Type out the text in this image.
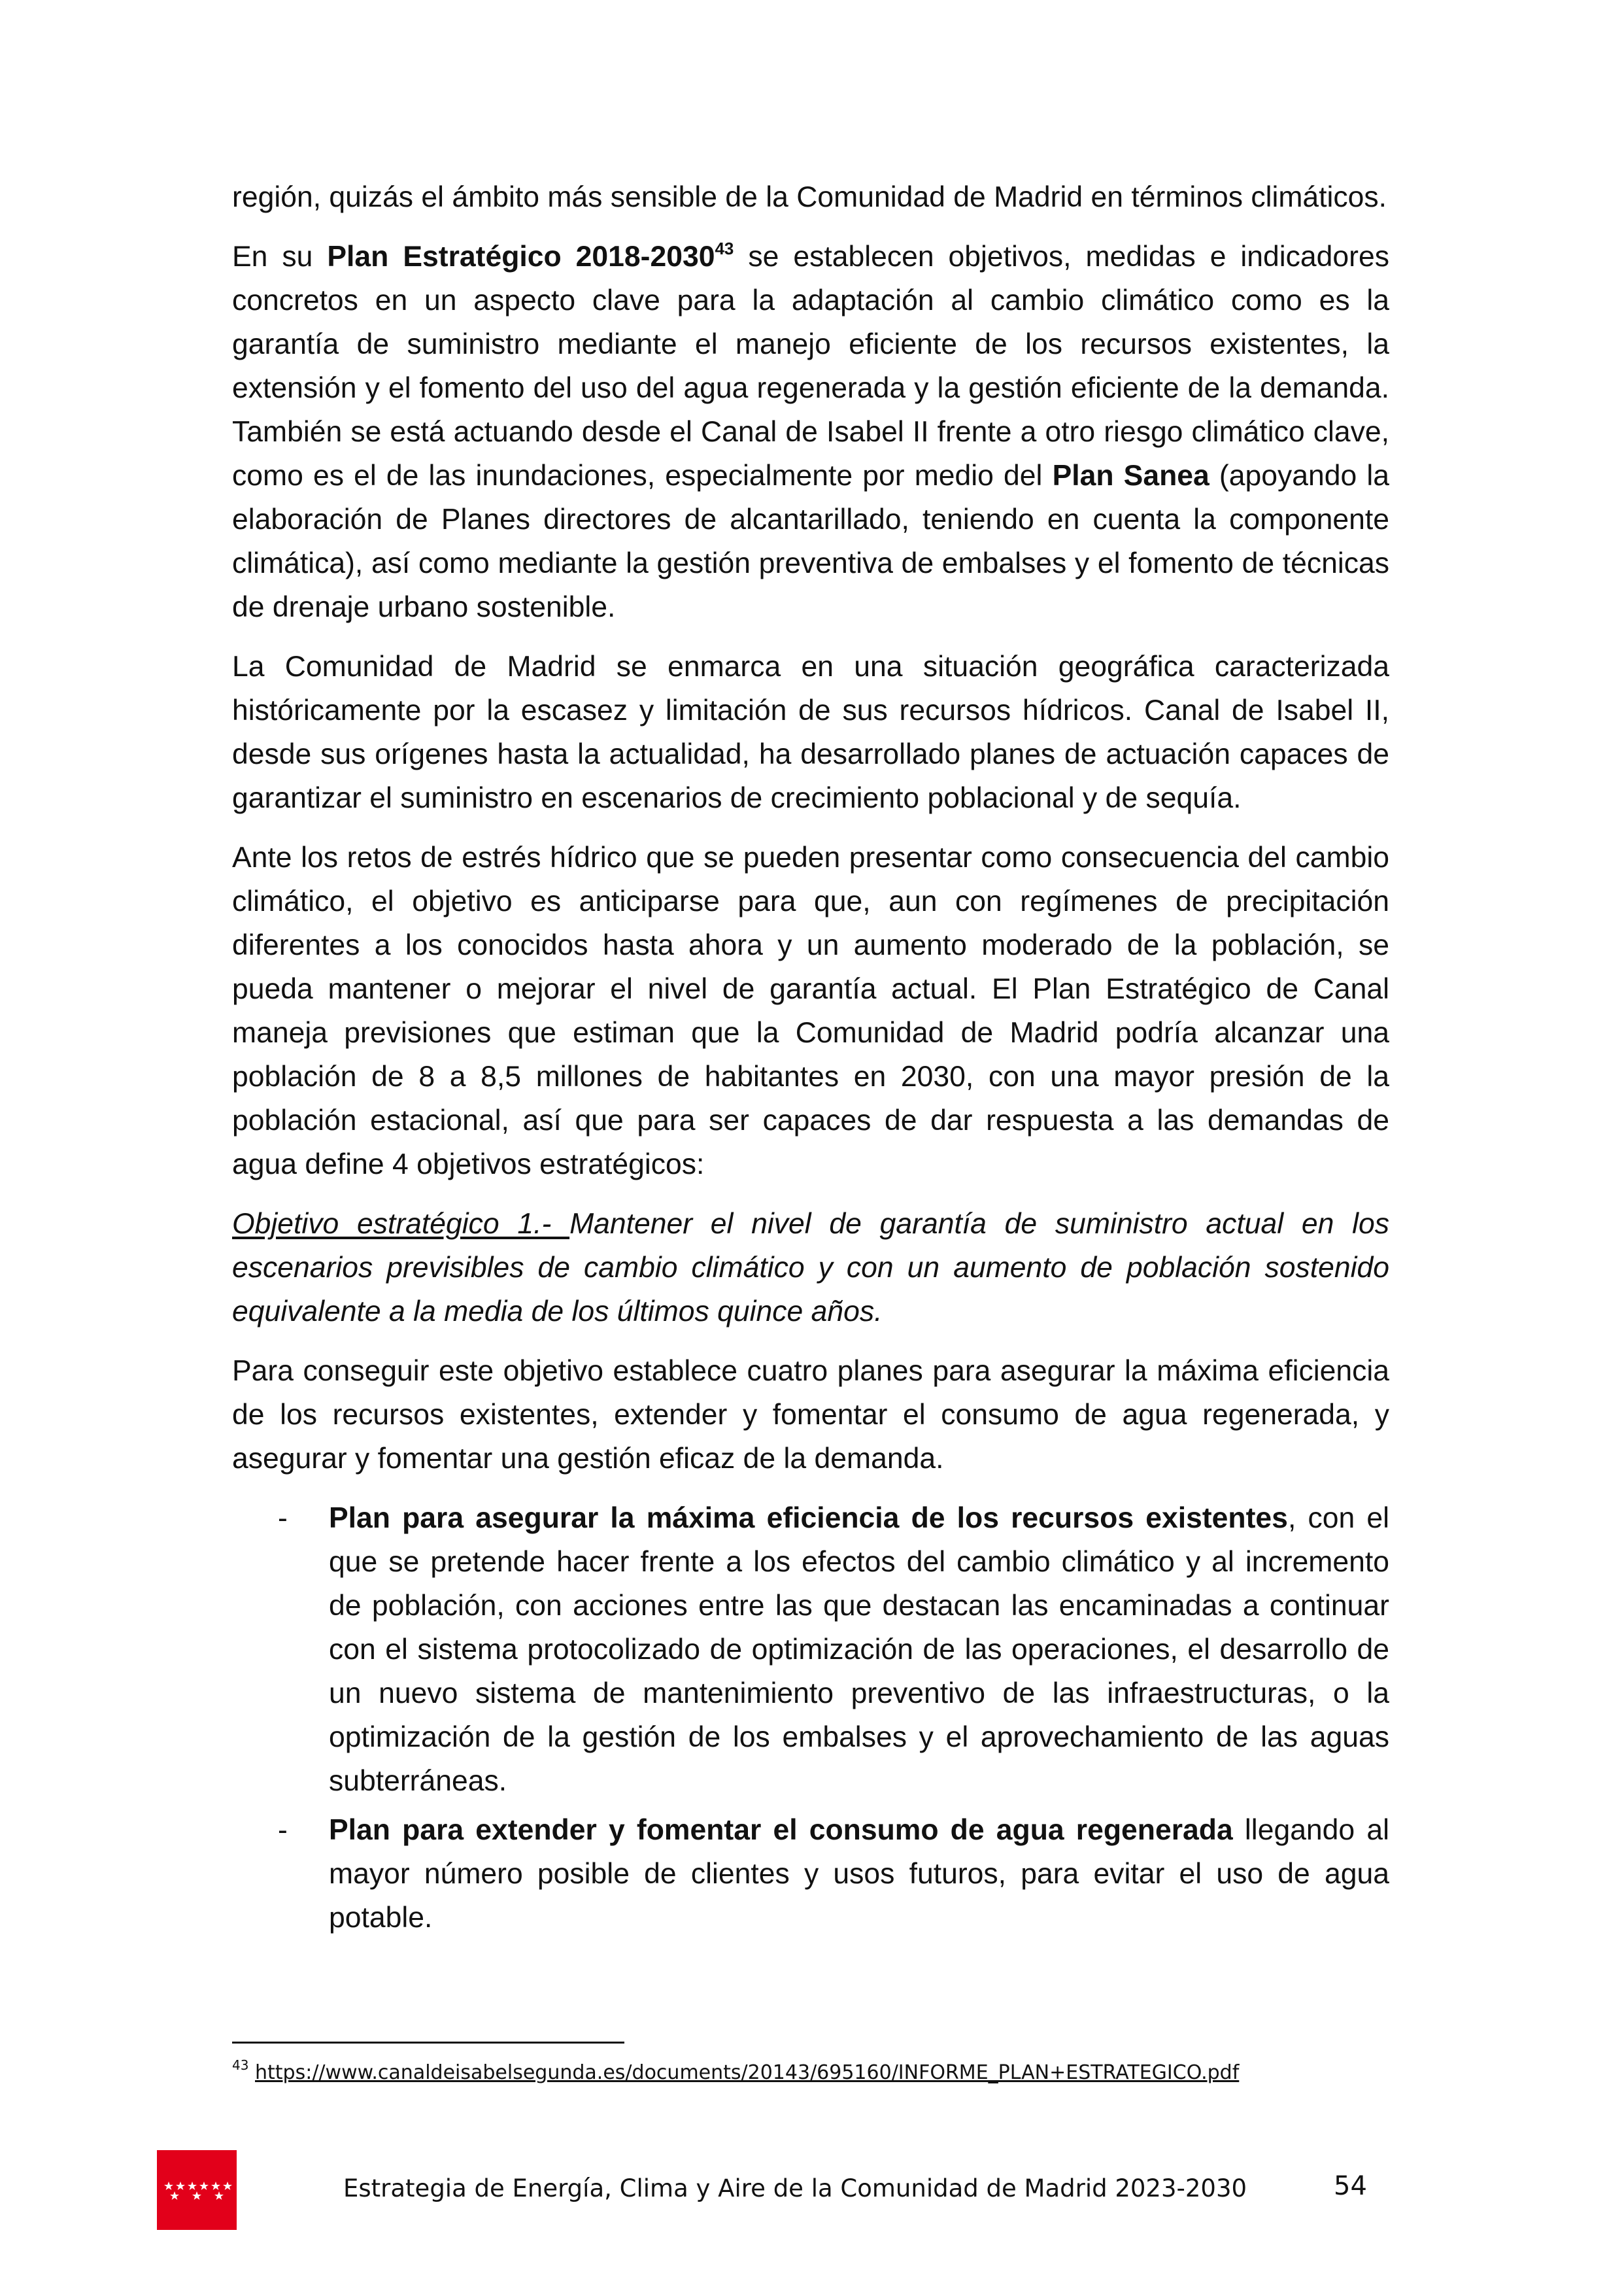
región, quizás el ámbito más sensible de la Comunidad de Madrid en términos climáticos.

En su Plan Estratégico 2018-2030$^{43}$ se establecen objetivos, medidas e indicadores concretos en un aspecto clave para la adaptación al cambio climático como es la garantía de suministro mediante el manejo eficiente de los recursos existentes, la extensión y el fomento del uso del agua regenerada y la gestión eficiente de la demanda. También se está actuando desde el Canal de Isabel II frente a otro riesgo climático clave, como es el de las inundaciones, especialmente por medio del Plan Sanea (apoyando la elaboración de Planes directores de alcantarillado, teniendo en cuenta la componente climática), así como mediante la gestión preventiva de embalses y el fomento de técnicas de drenaje urbano sostenible.

La Comunidad de Madrid se enmarca en una situación geográfica caracterizada históricamente por la escasez y limitación de sus recursos hídricos. Canal de Isabel II, desde sus orígenes hasta la actualidad, ha desarrollado planes de actuación capaces de garantizar el suministro en escenarios de crecimiento poblacional y de sequía.

Ante los retos de estrés hídrico que se pueden presentar como consecuencia del cambio climático, el objetivo es anticiparse para que, aun con regímenes de precipitación diferentes a los conocidos hasta ahora y un aumento moderado de la población, se pueda mantener o mejorar el nivel de garantía actual. El Plan Estratégico de Canal maneja previsiones que estiman que la Comunidad de Madrid podría alcanzar una población de 8 a 8,5 millones de habitantes en 2030, con una mayor presión de la población estacional, así que para ser capaces de dar respuesta a las demandas de agua define 4 objetivos estratégicos:

Objetivo estratégico 1.- Mantener el nivel de garantía de suministro actual en los escenarios previsibles de cambio climático y con un aumento de población sostenido equivalente a la media de los últimos quince años.

Para conseguir este objetivo establece cuatro planes para asegurar la máxima eficiencia de los recursos existentes, extender y fomentar el consumo de agua regenerada, y asegurar y fomentar una gestión eficaz de la demanda.

- Plan para asegurar la máxima eficiencia de los recursos existentes, con el que se pretende hacer frente a los efectos del cambio climático y al incremento de población, con acciones entre las que destacan las encaminadas a continuar con el sistema protocolizado de optimización de las operaciones, el desarrollo de un nuevo sistema de mantenimiento preventivo de las infraestructuras, o la optimización de la gestión de los embalses y el aprovechamiento de las aguas subterráneas.
- Plan para extender y fomentar el consumo de agua regenerada llegando al mayor número posible de clientes y usos futuros, para evitar el uso de agua potable.
$^{43}$ https://www.canaldeisabelsegunda.es/documents/20143/695160/INFORME_PLAN+ESTRATEGICO.pdf
Estrategia de Energía, Clima y Aire de la Comunidad de Madrid 2023-2030	54
